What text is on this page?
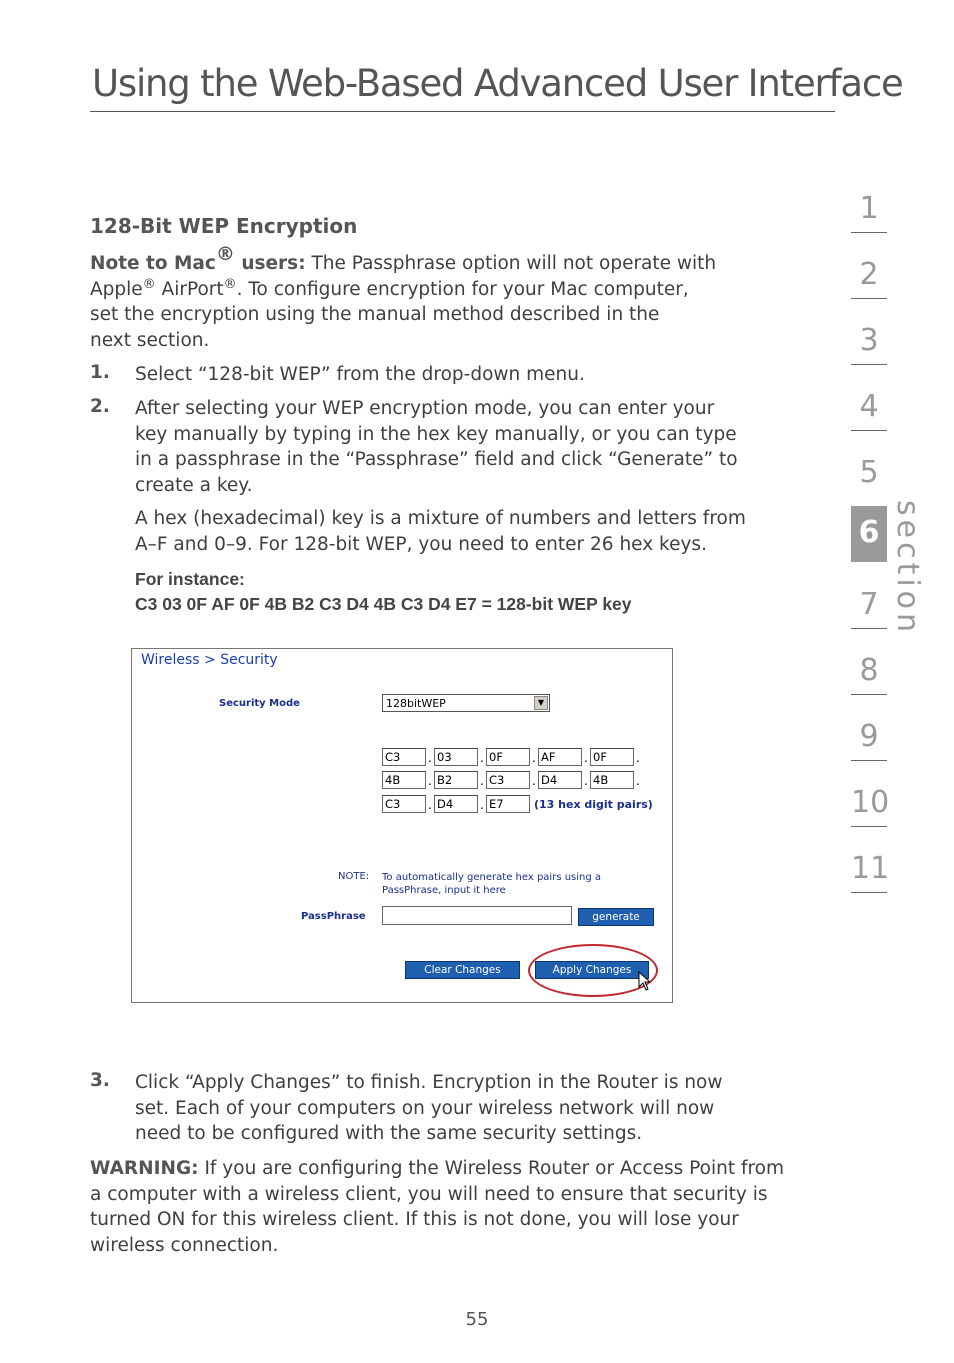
Using the Web-Based Advanced User Interface
128-Bit WEP Encryption

Note to Mac® users: The Passphrase option will not operate with
Apple® AirPort®. To configure encryption for your Mac computer,
set the encryption using the manual method described in the
next section.

1. Select “128-bit WEP” from the drop-down menu.

2. After selecting your WEP encryption mode, you can enter your
key manually by typing in the hex key manually, or you can type
in a passphrase in the “Passphrase” field and click “Generate” to
create a key.

A hex (hexadecimal) key is a mixture of numbers and letters from
A–F and 0–9. For 128-bit WEP, you need to enter 26 hex keys.

For instance:
C3 03 0F AF 0F 4B B2 C3 D4 4B C3 D4 E7 = 128-bit WEP key
Wireless > Security
Security Mode	128bitWEP	▼
C3	. 03	. 0F	. AF	. 0F	.
4B	. B2	. C3	. D4	. 4B	.
C3	. D4	. E7	(13 hex digit pairs)
NOTE: To automatically generate hex pairs using a PassPhrase, input it here
PassPhrase	generate
Clear Changes	Apply Changes
3. Click “Apply Changes” to finish. Encryption in the Router is now
set. Each of your computers on your wireless network will now
need to be configured with the same security settings.

WARNING: If you are configuring the Wireless Router or Access Point from a computer with a wireless client, you will need to ensure that security is turned ON for this wireless client. If this is not done, you will lose your wireless connection.

55
1
2
3
4
5
6
7
8
9
10
11
section
